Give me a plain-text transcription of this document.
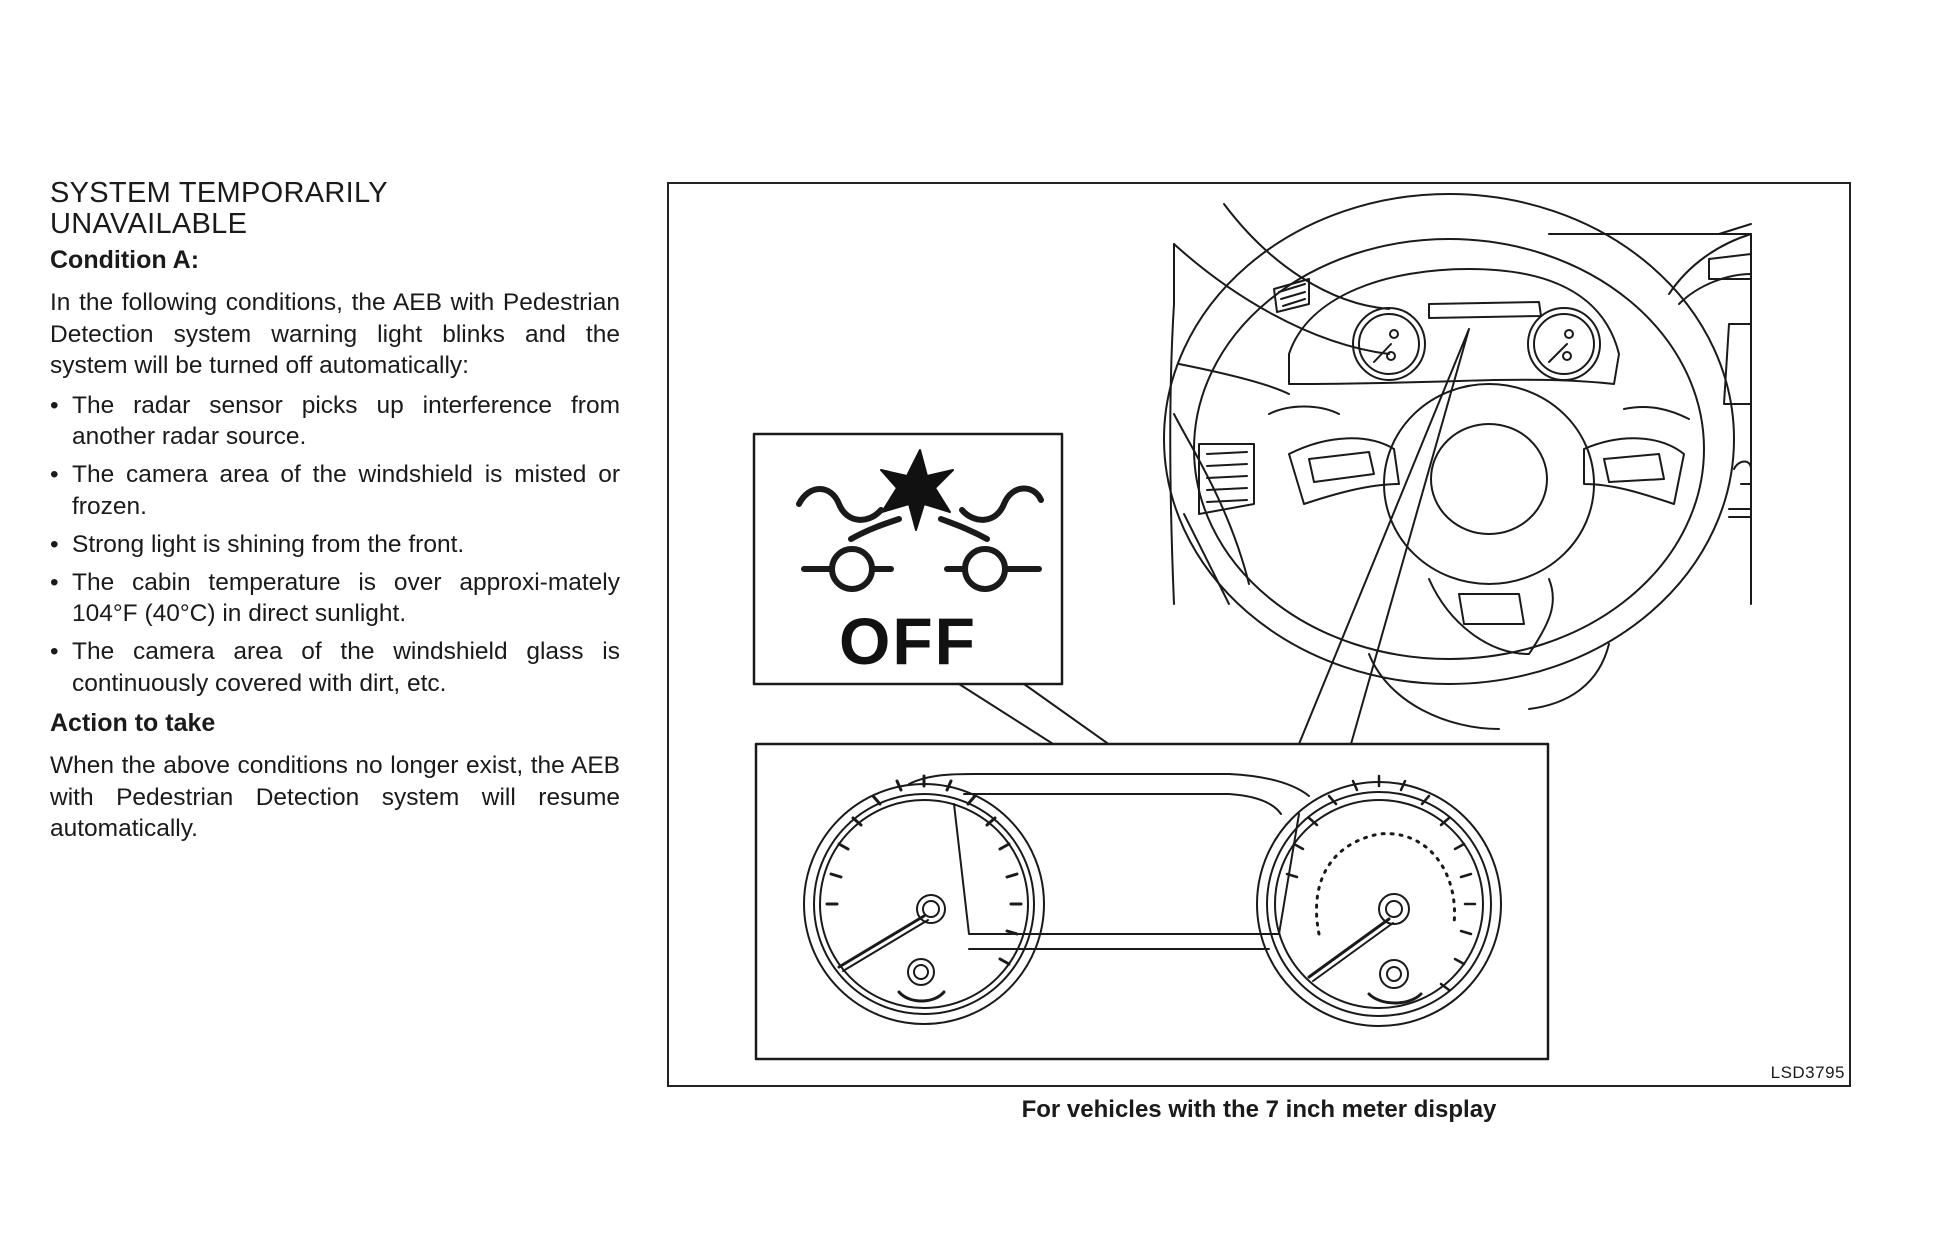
SYSTEM TEMPORARILY
UNAVAILABLE
Condition A:

In the following conditions, the AEB with Pedestrian Detection system warning light blinks and the system will be turned off automatically:

• The radar sensor picks up interference from another radar source.
• The camera area of the windshield is misted or frozen.
• Strong light is shining from the front.
• The cabin temperature is over approxi-mately 104°F (40°C) in direct sunlight.
• The camera area of the windshield glass is continuously covered with dirt, etc.
Action to take

When the above conditions no longer exist, the AEB with Pedestrian Detection system will resume automatically.

OFF
LSD3795
For vehicles with the 7 inch meter display
